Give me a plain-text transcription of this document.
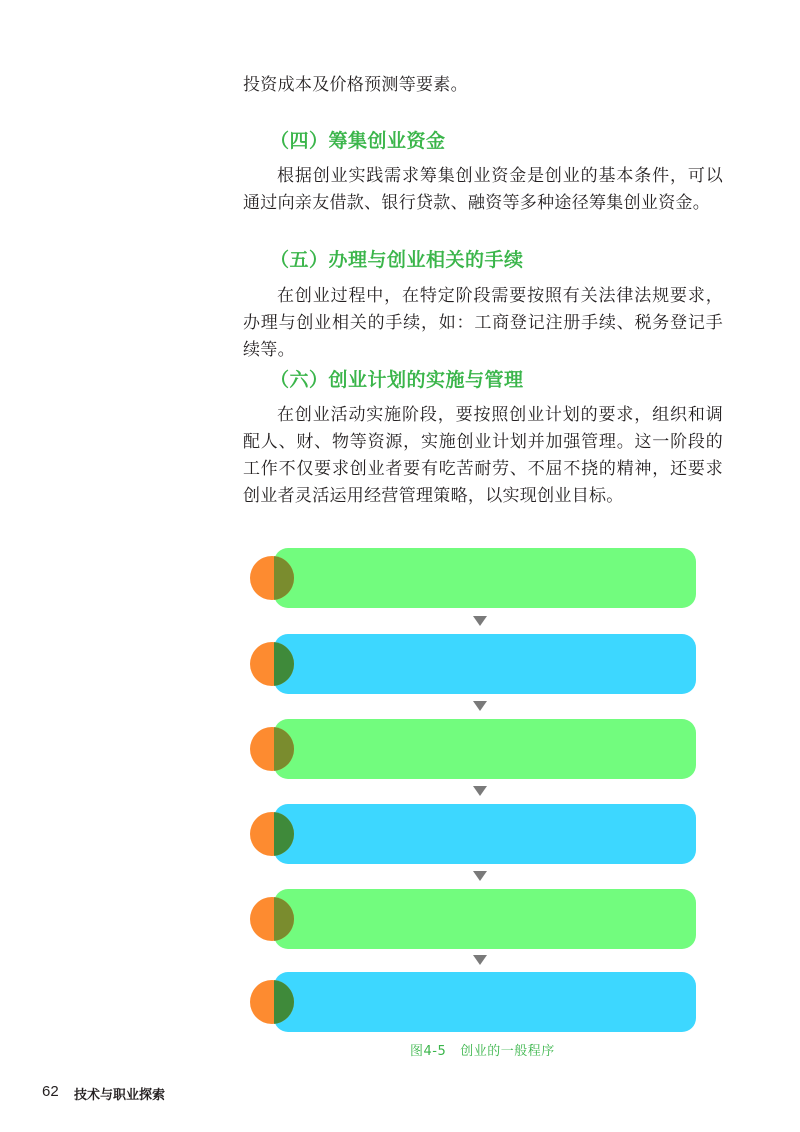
投资成本及价格预测等要素。

（四）筹集创业资金

根据创业实践需求筹集创业资金是创业的基本条件，可以通过向亲友借款、银行贷款、融资等多种途径筹集创业资金。

（五）办理与创业相关的手续

在创业过程中，在特定阶段需要按照有关法律法规要求，办理与创业相关的手续，如：工商登记注册手续、税务登记手续等。

（六）创业计划的实施与管理

在创业活动实施阶段，要按照创业计划的要求，组织和调配人、财、物等资源，实施创业计划并加强管理。这一阶段的工作不仅要求创业者要有吃苦耐劳、不屈不挠的精神，还要求创业者灵活运用经营管理策略，以实现创业目标。

图4-5 创业的一般程序
62 技术与职业探索
